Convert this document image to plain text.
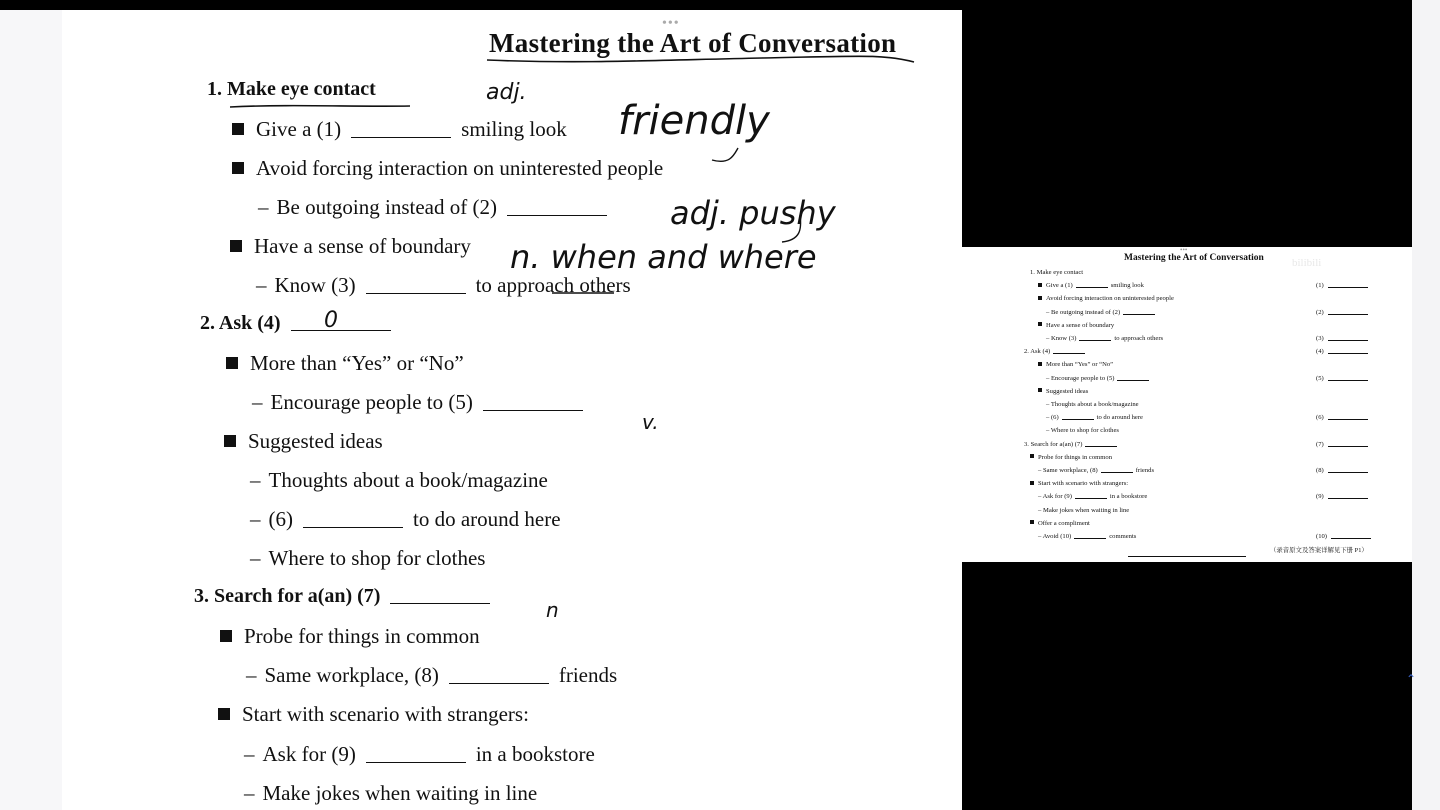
•••
Mastering the Art of Conversation
1. Make eye contact
Give a (1)	smiling look
Avoid forcing interaction on uninterested people
– Be outgoing instead of (2)
Have a sense of boundary
– Know (3)	to approach others
2. Ask (4)
More than “Yes” or “No”
– Encourage people to (5)
Suggested ideas
– Thoughts about a book/magazine
– (6)	to do around here
– Where to shop for clothes
3. Search for a(an) (7)
Probe for things in common
– Same workplace, (8)	friends
Start with scenario with strangers:
– Ask for (9)	in a bookstore
– Make jokes when waiting in line
adj.
friendly
adj. pushy
n. when and where
0
v.
n
•••
Mastering the Art of Conversation	bilibili
1. Make eye contact
Give a (1)	smiling look
Avoid forcing interaction on uninterested people
– Be outgoing instead of (2)
Have a sense of boundary
– Know (3)	to approach others
2. Ask (4)
More than “Yes” or “No”
– Encourage people to (5)
Suggested ideas
– Thoughts about a book/magazine
– (6)	to do around here
– Where to shop for clothes
3. Search for a(an) (7)
Probe for things in common
– Same workplace, (8)	friends
Start with scenario with strangers:
– Ask for (9)	in a bookstore
– Make jokes when waiting in line
Offer a compliment
– Avoid (10)	comments
(1)
(2)
(3)
(4)
(5)
(6)
(7)
(8)
(9)
(10)
（录音原文及答案详解见下册 P1）
⌃
